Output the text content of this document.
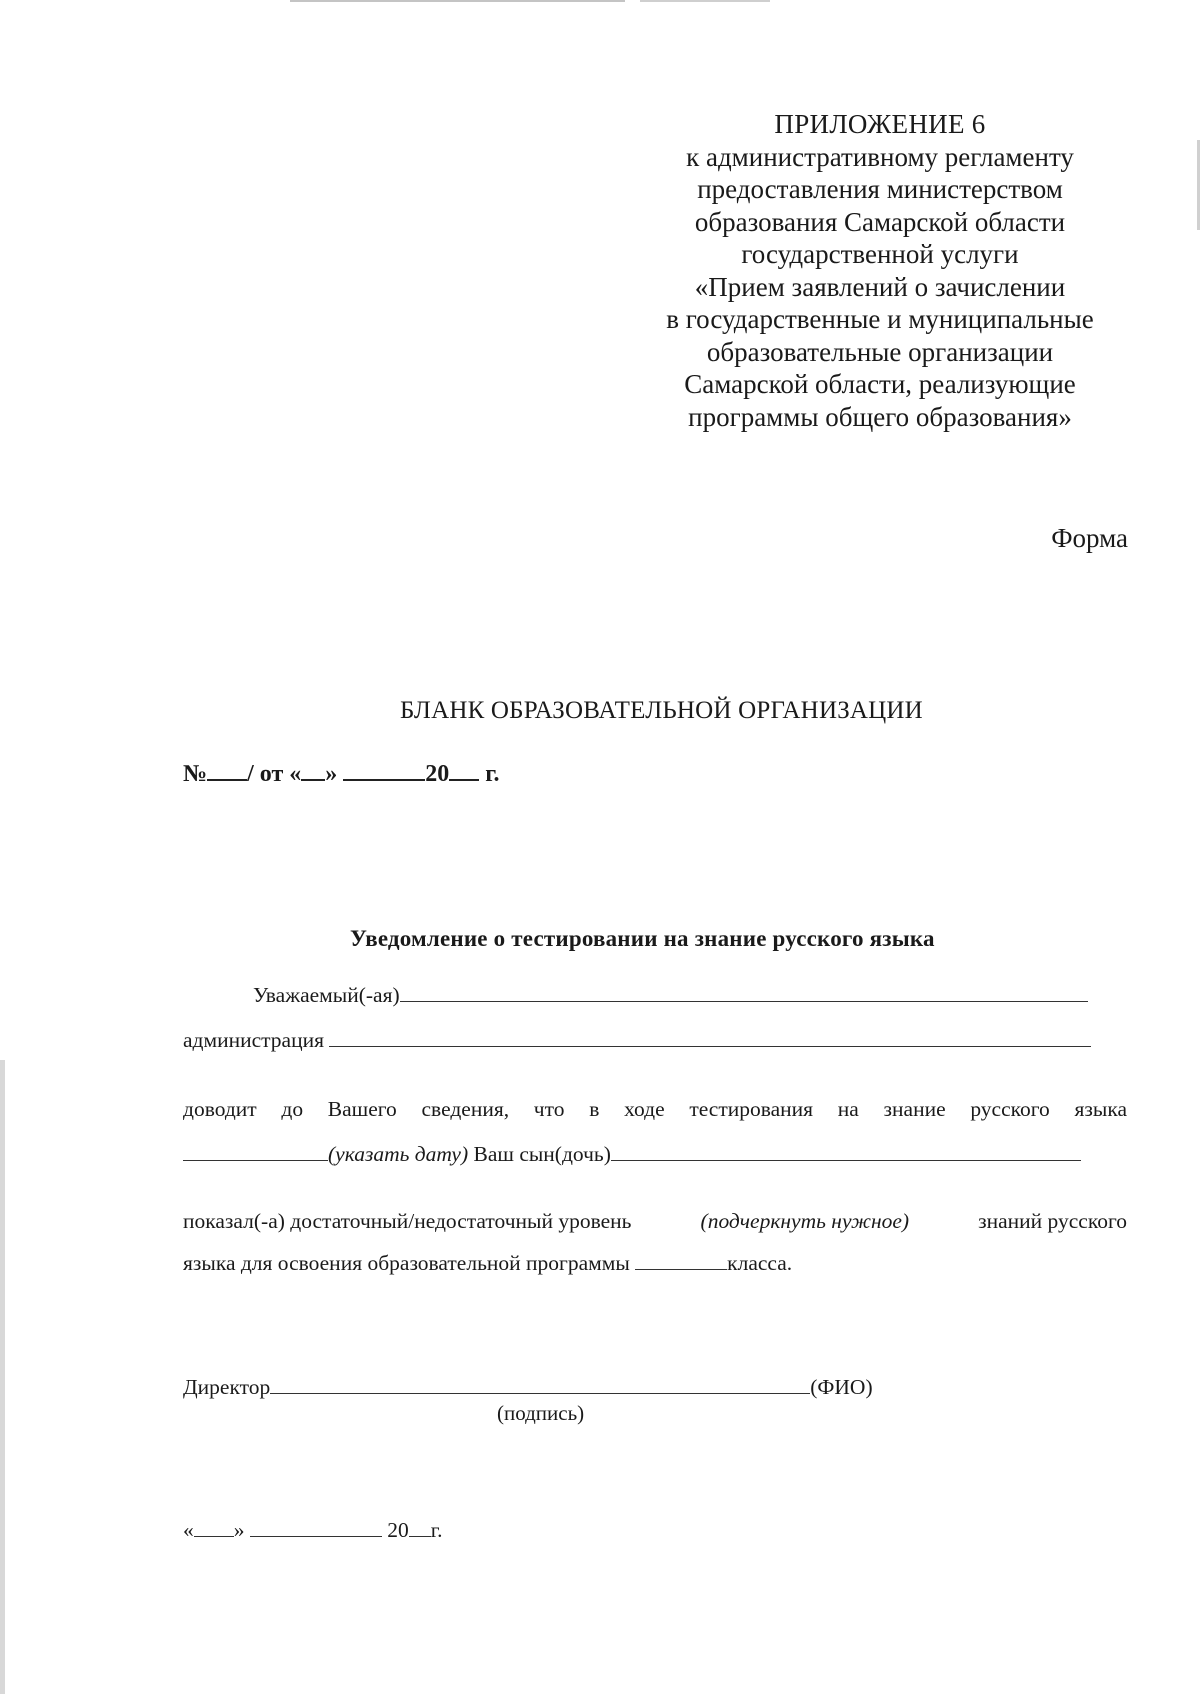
ПРИЛОЖЕНИЕ 6
к административному регламенту
предоставления министерством
образования Самарской области
государственной услуги
«Прием заявлений о зачислении
в государственные и муниципальные
образовательные организации
Самарской области, реализующие
программы общего образования»
Форма
БЛАНК ОБРАЗОВАТЕЛЬНОЙ ОРГАНИЗАЦИИ
№ / от « »	20 г.
Уведомление о тестировании на знание русского языка
Уважаемый(-ая)
администрация
доводит до Вашего сведения, что в ходе тестирования на знание русского языка
(указать дату) Ваш сын(дочь)
показал(-а) достаточный/недостаточный уровень	(подчеркнуть нужное)	знаний русского
языка для освоения образовательной программы	класса.
Директор	(ФИО)
(подпись)
« »	20 г.
